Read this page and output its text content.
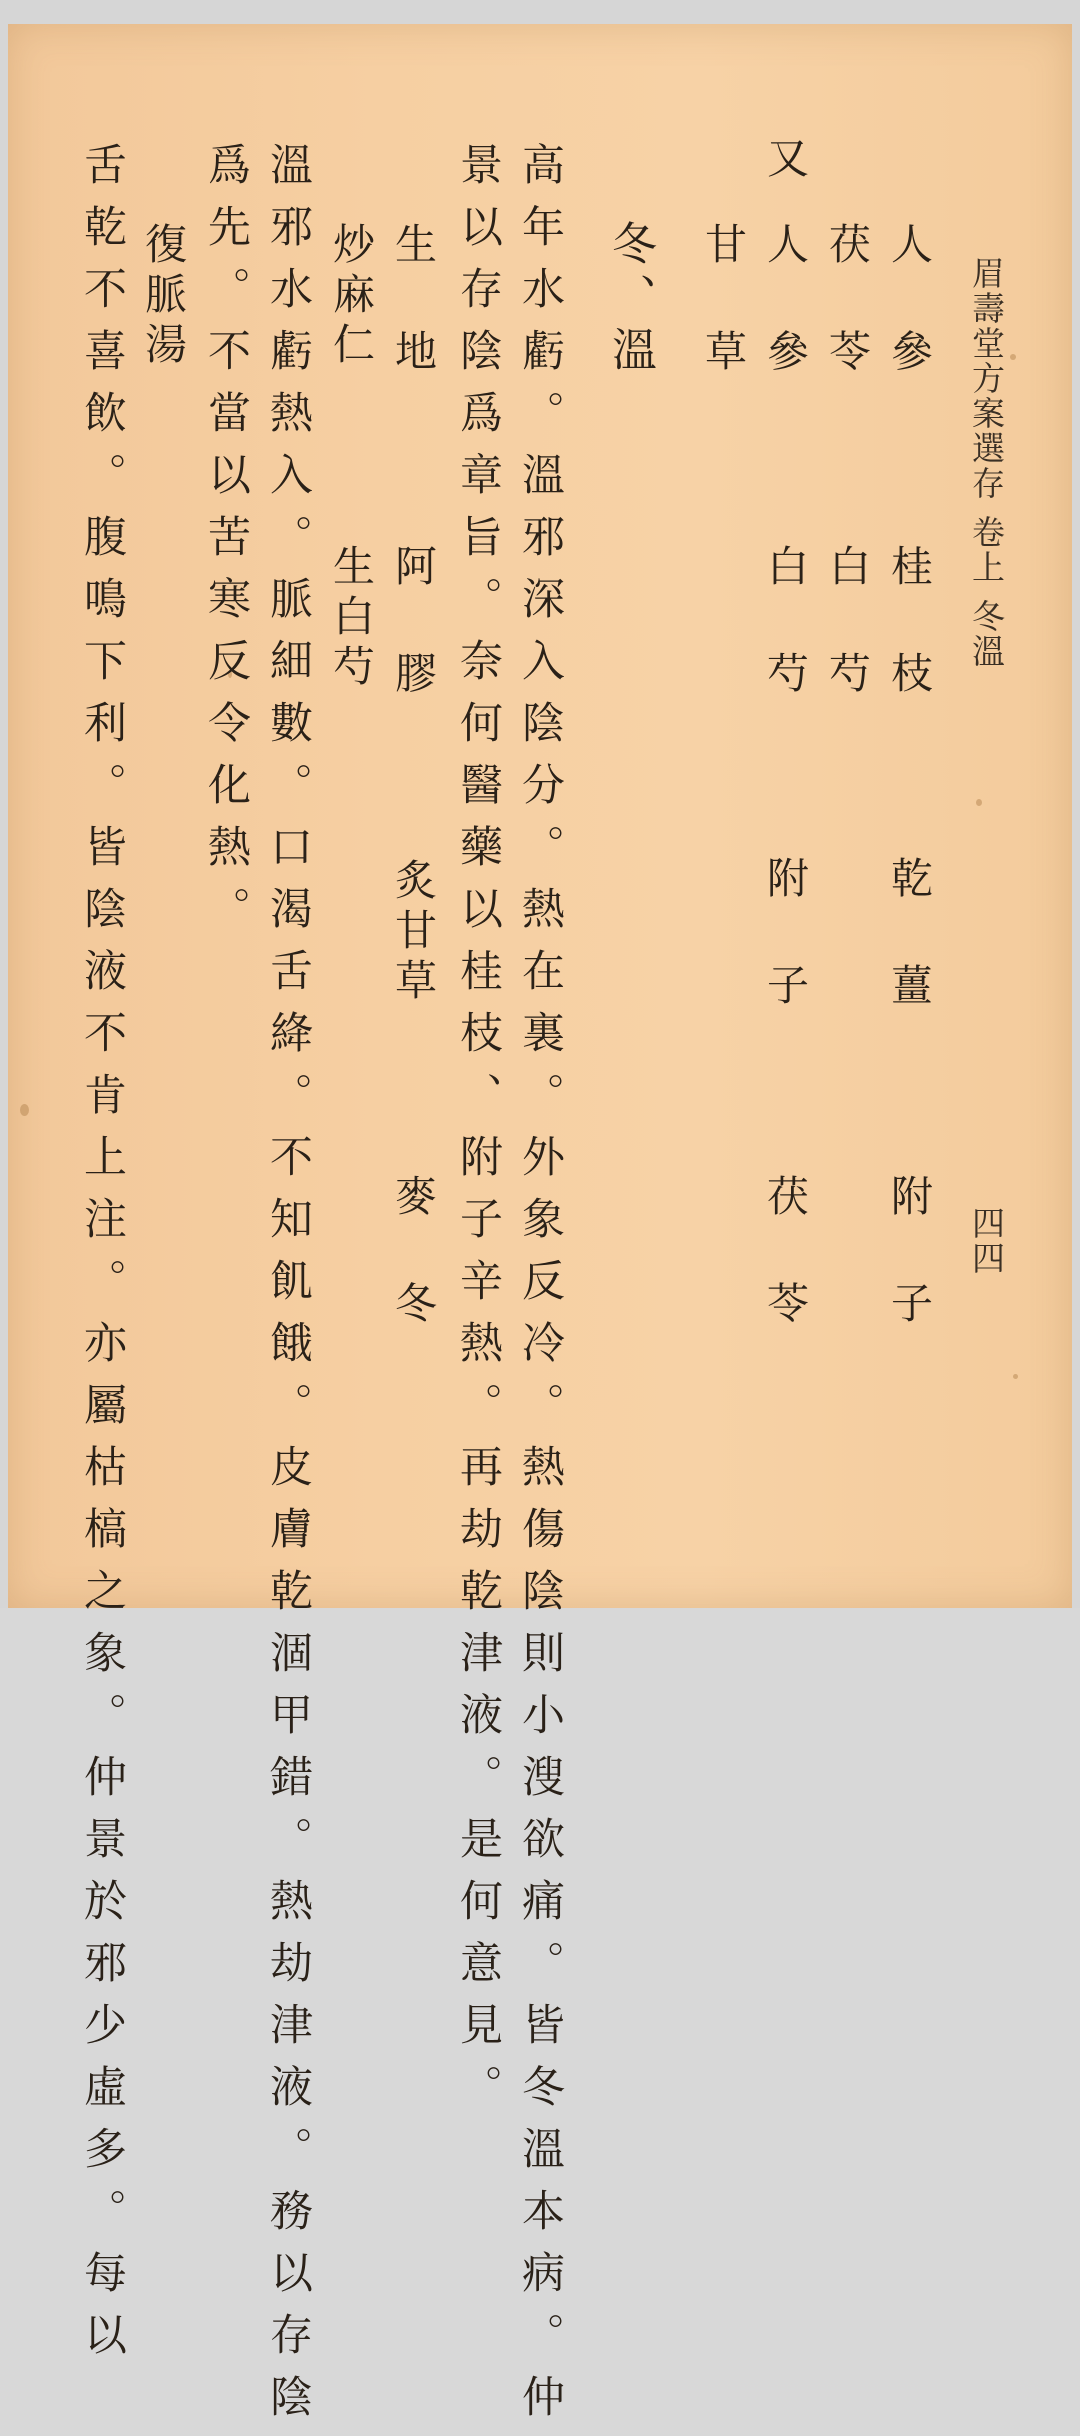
眉壽堂方案選存卷上冬溫
四四
人 參
桂 枝
乾 薑
附 子
茯 苓
白 芍
又
人 參
白 芍
附 子
茯 苓
甘 草
冬、溫
高年水虧。溫邪深入陰分。熱在裏。外象反冷。熱傷陰則小溲欲痛。皆冬溫本病。仲
景以存陰爲章旨。奈何醫藥以桂枝、附子辛熱。再劫乾津液。是何意見。
生 地
阿 膠
炙甘草
麥 冬
炒麻仁
生白芍
溫邪水虧熱入。脈細數。口渴舌絳。不知飢餓。皮膚乾涸甲錯。熱劫津液。務以存陰
爲先。不當以苦寒反令化熱。
復脈湯
舌乾不喜飲。腹鳴下利。皆陰液不肯上注。亦屬枯槁之象。仲景於邪少虛多。每以
